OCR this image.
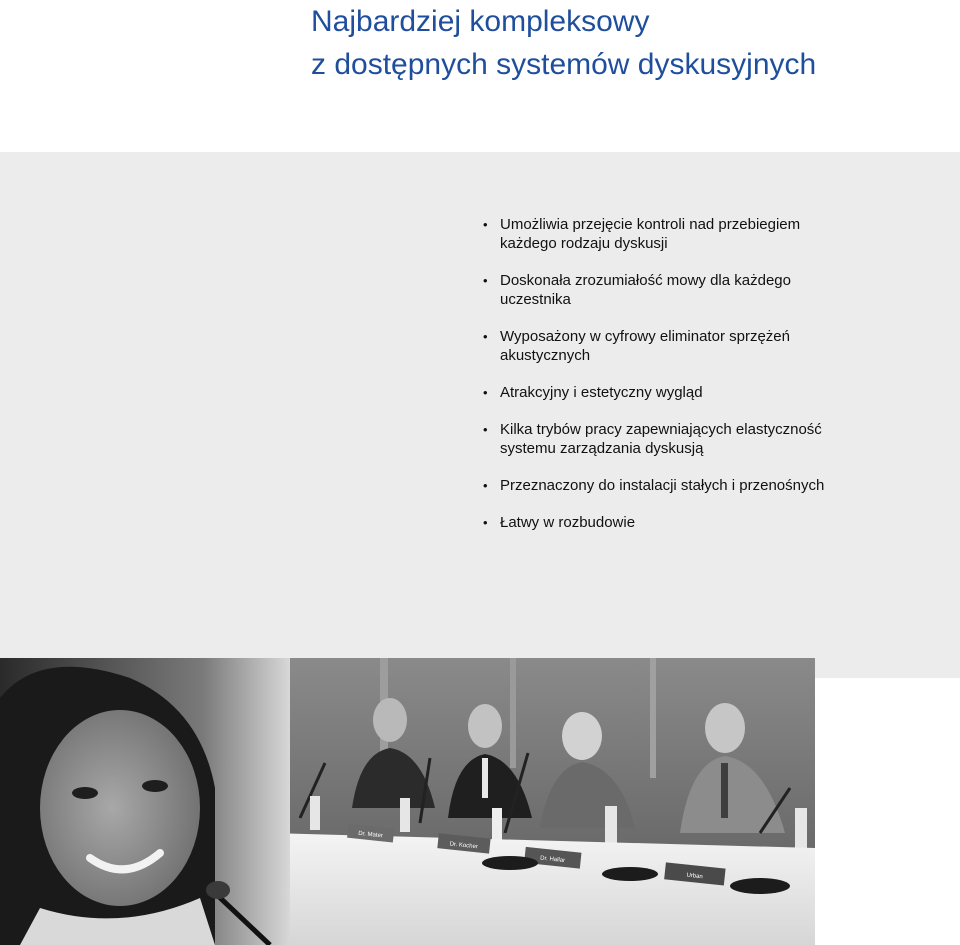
Najbardziej kompleksowy
z dostępnych systemów dyskusyjnych
• Umożliwia przejęcie kontroli nad przebiegiem
każdego rodzaju dyskusji
• Doskonała zrozumiałość mowy dla każdego
uczestnika
• Wyposażony w cyfrowy eliminator sprzężeń
akustycznych
• Atrakcyjny i estetyczny wygląd
• Kilka trybów pracy zapewniających elastyczność
systemu zarządzania dyskusją
• Przeznaczony do instalacji stałych i przenośnych
• Łatwy w rozbudowie
Dr. Mater
Dr. Kocher
Dr. Hallar
Urban
